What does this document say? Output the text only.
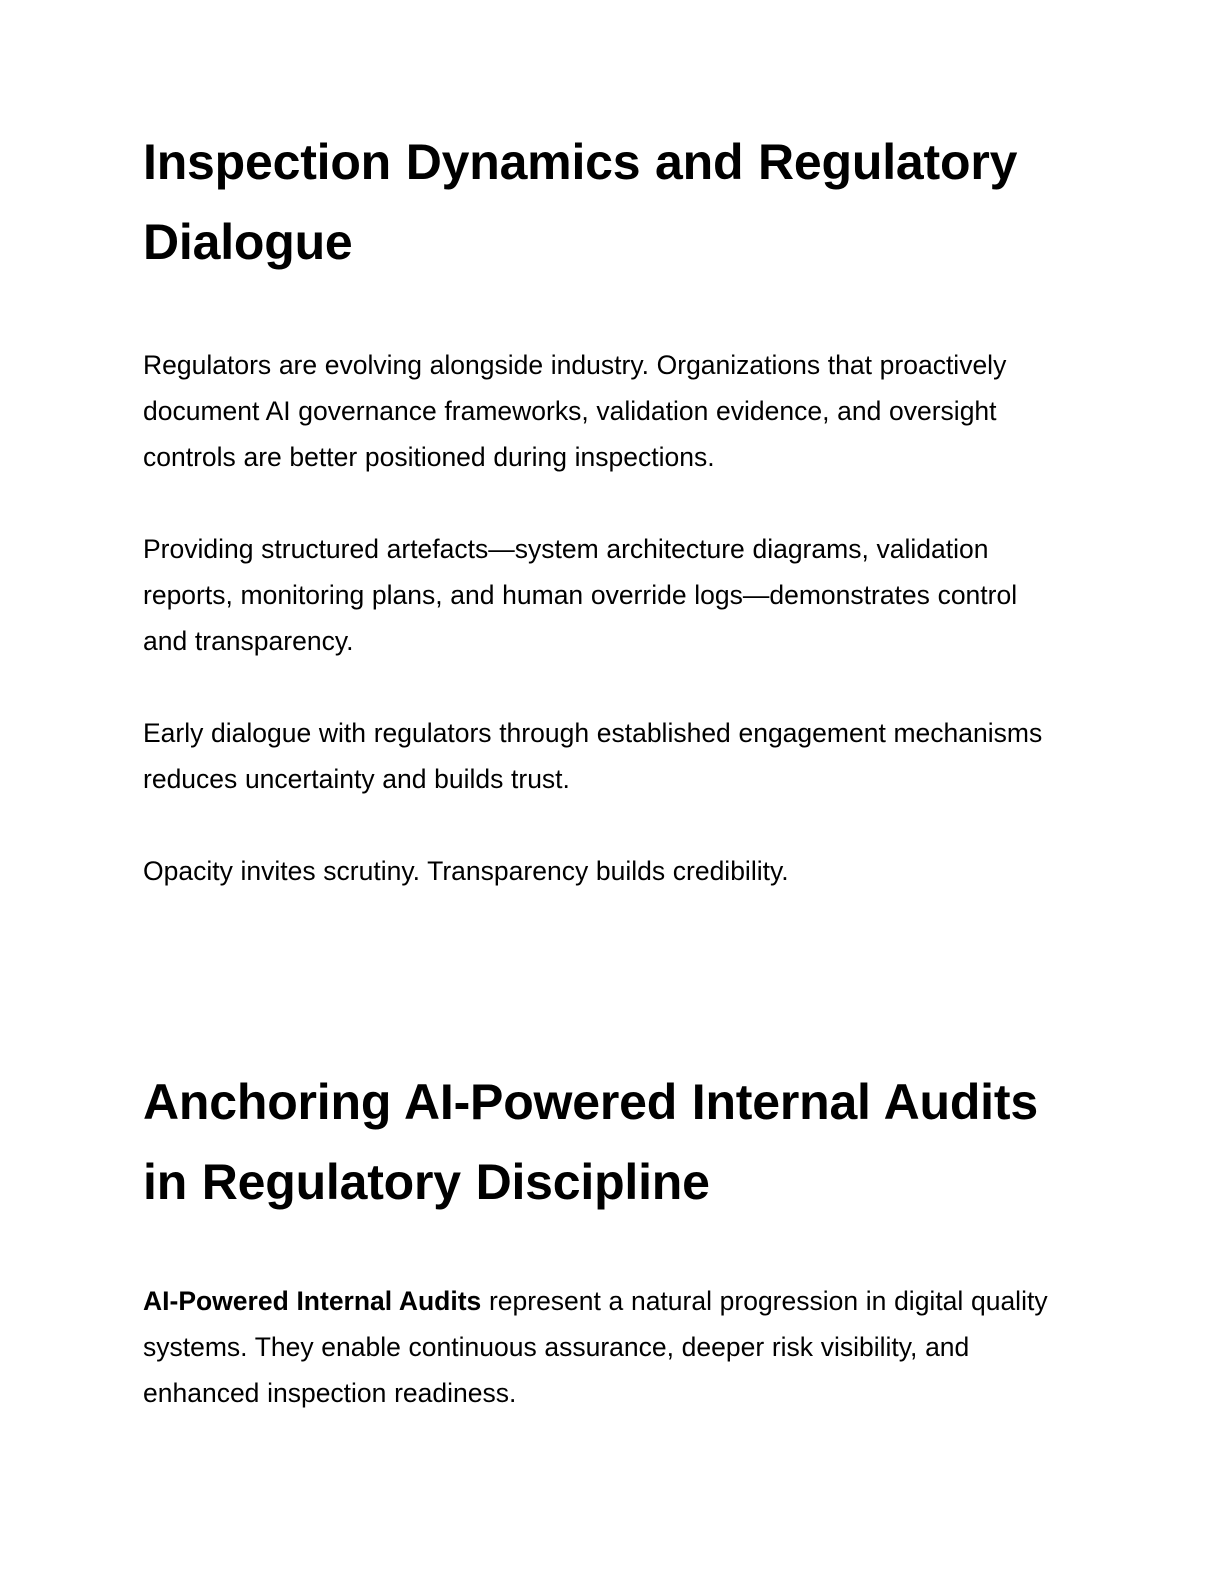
Inspection Dynamics and Regulatory Dialogue

Regulators are evolving alongside industry. Organizations that proactively document AI governance frameworks, validation evidence, and oversight controls are better positioned during inspections.

Providing structured artefacts—system architecture diagrams, validation reports, monitoring plans, and human override logs—demonstrates control and transparency.

Early dialogue with regulators through established engagement mechanisms reduces uncertainty and builds trust.

Opacity invites scrutiny. Transparency builds credibility.

Anchoring AI-Powered Internal Audits in Regulatory Discipline

AI-Powered Internal Audits represent a natural progression in digital quality systems. They enable continuous assurance, deeper risk visibility, and enhanced inspection readiness.
